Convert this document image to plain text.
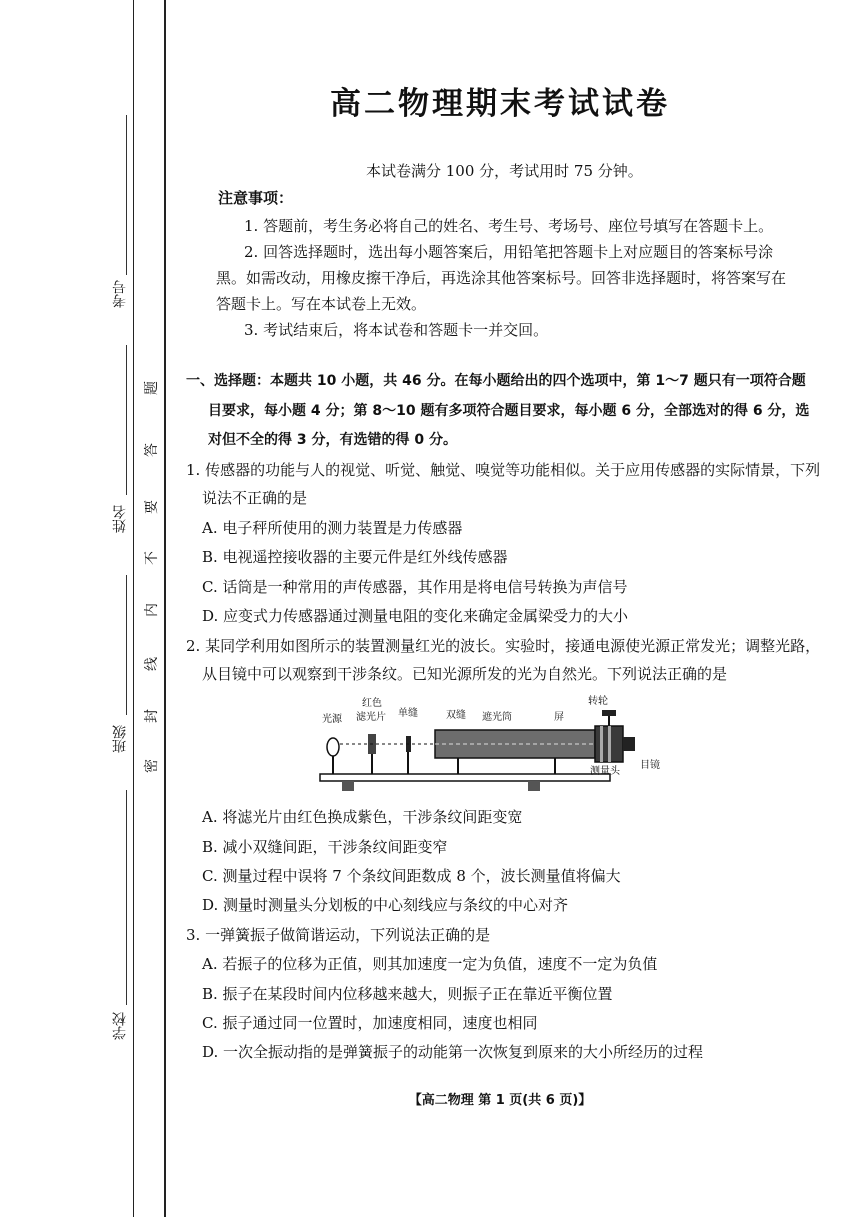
考号
姓名
班级
学校
题
答
要
不
内
线
封
密
高二物理期末考试试卷
本试卷满分 100 分，考试用时 75 分钟。
注意事项：
1. 答题前，考生务必将自己的姓名、考生号、考场号、座位号填写在答题卡上。
2. 回答选择题时，选出每小题答案后，用铅笔把答题卡上对应题目的答案标号涂
黑。如需改动，用橡皮擦干净后，再选涂其他答案标号。回答非选择题时，将答案写在
答题卡上。写在本试卷上无效。
3. 考试结束后，将本试卷和答题卡一并交回。
一、选择题：本题共 10 小题，共 46 分。在每小题给出的四个选项中，第 1～7 题只有一项符合题
目要求，每小题 4 分；第 8～10 题有多项符合题目要求，每小题 6 分，全部选对的得 6 分，选
对但不全的得 3 分，有选错的得 0 分。
1. 传感器的功能与人的视觉、听觉、触觉、嗅觉等功能相似。关于应用传感器的实际情景，下列
说法不正确的是
A. 电子秤所使用的测力装置是力传感器
B. 电视遥控接收器的主要元件是红外线传感器
C. 话筒是一种常用的声传感器，其作用是将电信号转换为声信号
D. 应变式力传感器通过测量电阻的变化来确定金属梁受力的大小
2. 某同学利用如图所示的装置测量红光的波长。实验时，接通电源使光源正常发光；调整光路，
从目镜中可以观察到干涉条纹。已知光源所发的光为自然光。下列说法正确的是
光源
红色
滤光片 单缝	双缝 遮光筒	屏
转轮
目镜
测量头
A. 将滤光片由红色换成紫色，干涉条纹间距变宽
B. 减小双缝间距，干涉条纹间距变窄
C. 测量过程中误将 7 个条纹间距数成 8 个，波长测量值将偏大
D. 测量时测量头分划板的中心刻线应与条纹的中心对齐
3. 一弹簧振子做简谐运动，下列说法正确的是
A. 若振子的位移为正值，则其加速度一定为负值，速度不一定为负值
B. 振子在某段时间内位移越来越大，则振子正在靠近平衡位置
C. 振子通过同一位置时，加速度相同，速度也相同
D. 一次全振动指的是弹簧振子的动能第一次恢复到原来的大小所经历的过程
【高二物理 第 1 页(共 6 页)】
